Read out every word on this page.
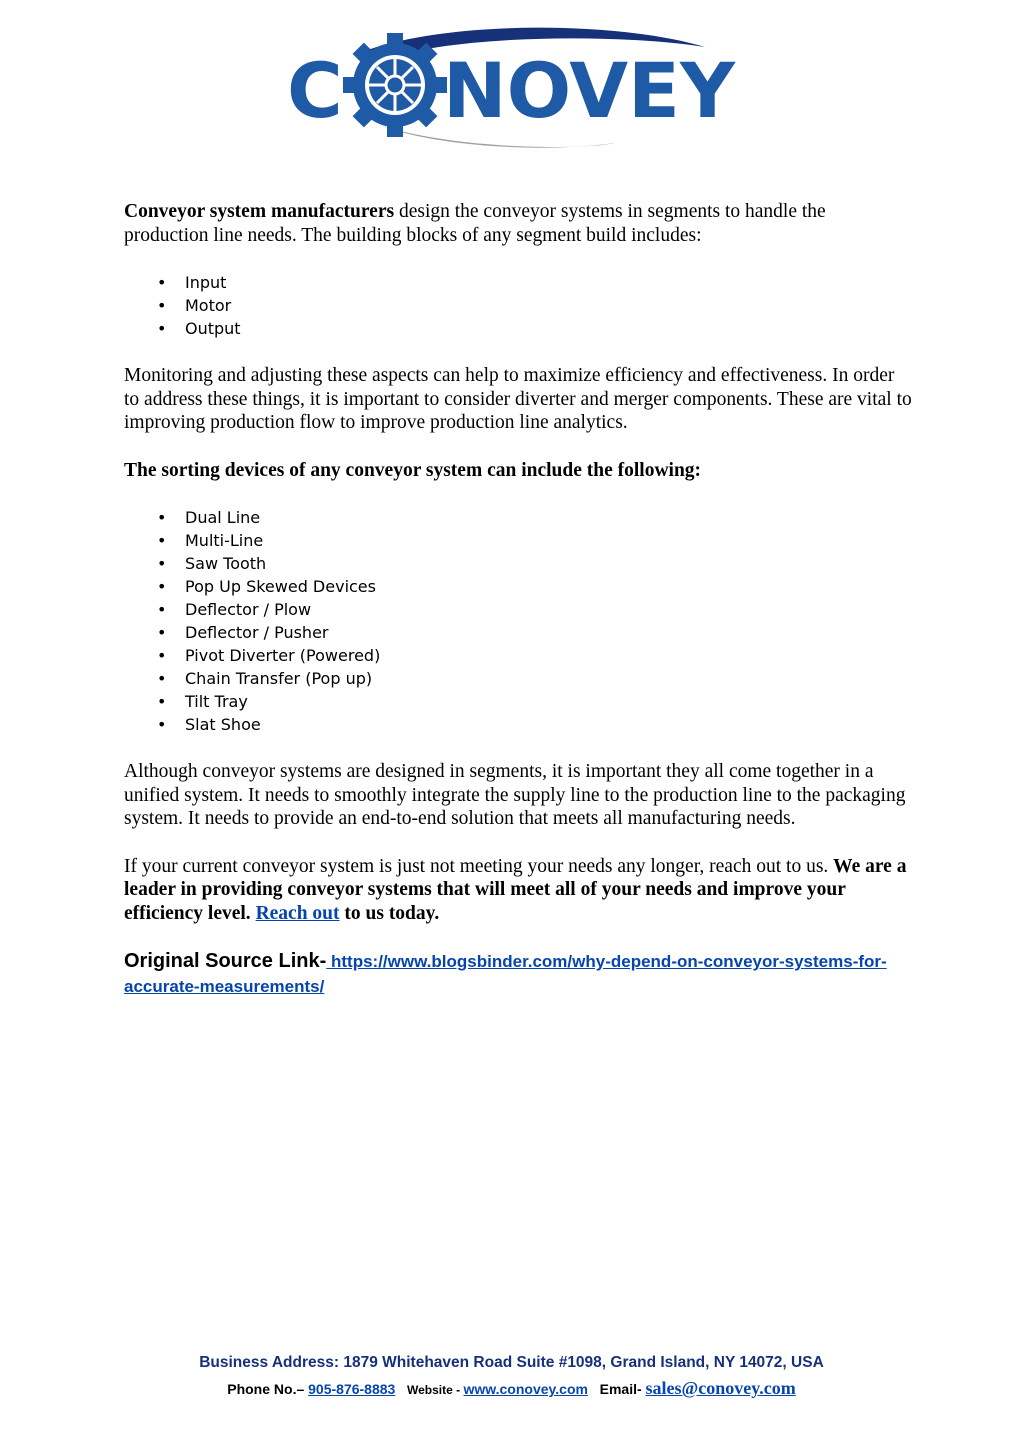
C NOVEY

Conveyor system manufacturers design the conveyor systems in segments to handle the production line needs. The building blocks of any segment build includes:

• Input
• Motor
• Output

Monitoring and adjusting these aspects can help to maximize efficiency and effectiveness. In order to address these things, it is important to consider diverter and merger components. These are vital to improving production flow to improve production line analytics.

The sorting devices of any conveyor system can include the following:

• Dual Line
• Multi-Line
• Saw Tooth
• Pop Up Skewed Devices
• Deflector / Plow
• Deflector / Pusher
• Pivot Diverter (Powered)
• Chain Transfer (Pop up)
• Tilt Tray
• Slat Shoe

Although conveyor systems are designed in segments, it is important they all come together in a unified system. It needs to smoothly integrate the supply line to the production line to the packaging system. It needs to provide an end-to-end solution that meets all manufacturing needs.

If your current conveyor system is just not meeting your needs any longer, reach out to us. We are a leader in providing conveyor systems that will meet all of your needs and improve your efficiency level. Reach out to us today.

Original Source Link- https://www.blogsbinder.com/why-depend-on-conveyor-systems-for-accurate-measurements/

Business Address: 1879 Whitehaven Road Suite #1098, Grand Island, NY 14072, USA
Phone No.– 905-876-8883 Website - www.conovey.com Email- sales@conovey.com
